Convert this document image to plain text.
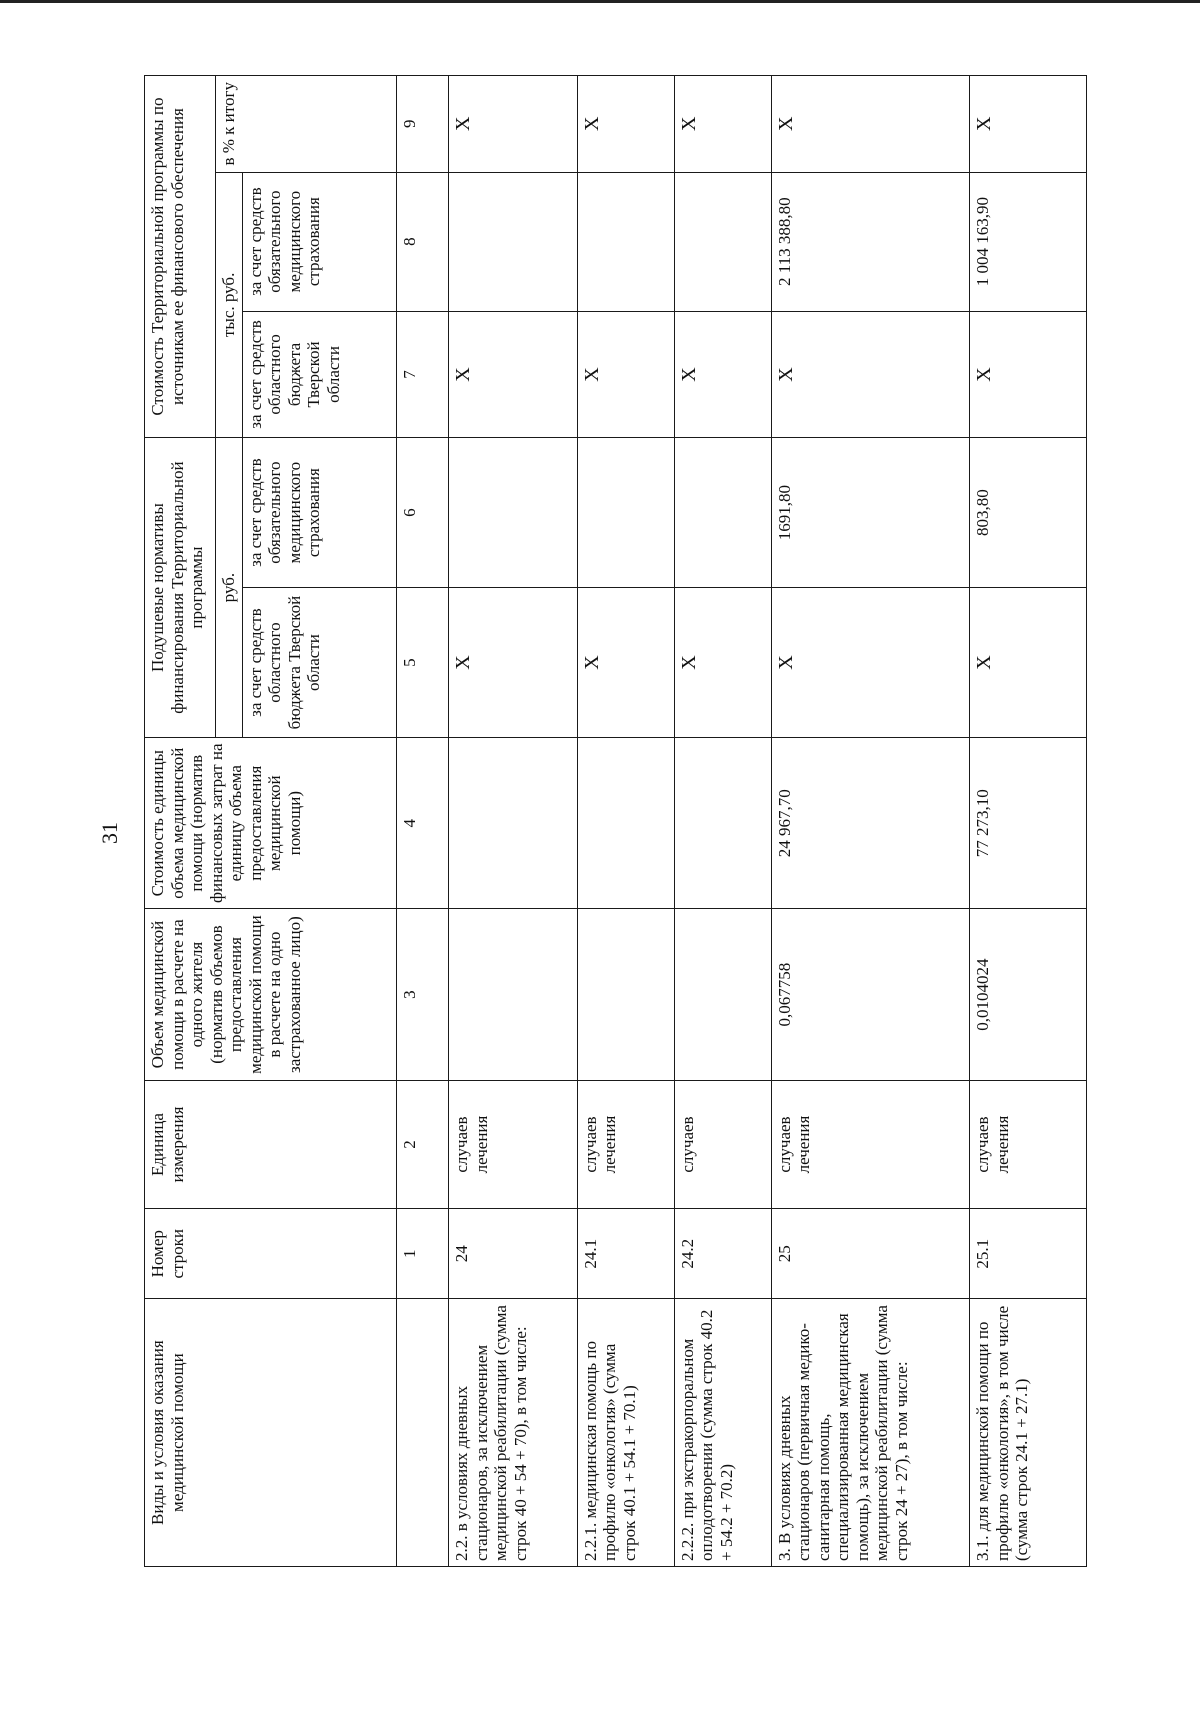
31
Виды и условия оказания медицинской помощи	Номер строки	Единица измерения	Объем медицинской помощи в расчете на одного жителя (норматив объемов предоставления медицинской помощи в расчете на одно застрахованное лицо)	Стоимость единицы объема медицинской помощи (норматив финансовых затрат на единицу объема предоставления медицинской помощи)	Подушевые нормативы финансирования Территориальной программы		Стоимость Территориальной программы по источникам ее финансового обеспечения		
					руб.		тыс. руб.		в % к итогу
					за счет средств областного бюджета Тверской области	за счет средств обязательного медицинского страхования	за счет средств областного бюджета Тверской области	за счет средств обязательного медицинского страхования	
	1	2	3	4	5	6	7	8	9
2.2. в условиях дневных стационаров, за исключением медицинской реабилитации (сумма строк 40 + 54 + 70), в том числе:	24	случаев лечения			Х		Х		Х
2.2.1. медицинская помощь по профилю «онкология» (сумма строк 40.1 + 54.1 + 70.1)	24.1	случаев лечения			Х		Х		Х
2.2.2. при экстракорпоральном оплодотворении (сумма строк 40.2 + 54.2 + 70.2)	24.2	случаев			Х		Х		Х
3. В условиях дневных стационаров (первичная медико-санитарная помощь, специализированная медицинская помощь), за исключением медицинской реабилитации (сумма строк 24 + 27), в том числе:	25	случаев лечения	0,067758	24 967,70	Х	1691,80	Х	2 113 388,80	Х
3.1. для медицинской помощи по профилю «онкология», в том числе (сумма строк 24.1 + 27.1)	25.1	случаев лечения	0,0104024	77 273,10	Х	803,80	Х	1 004 163,90	Х
